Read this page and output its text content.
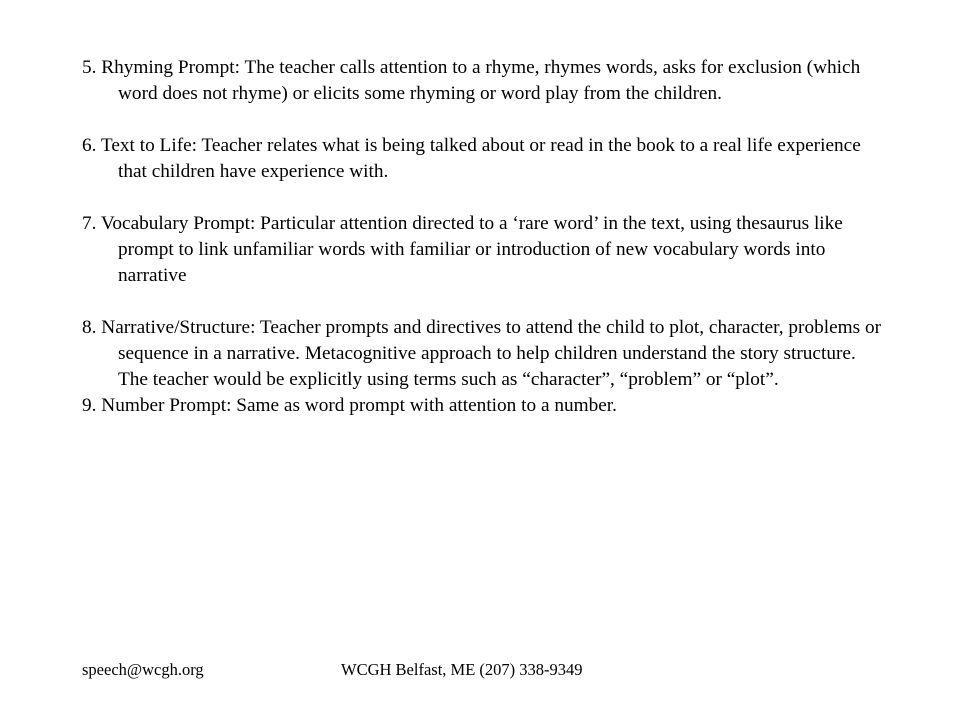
5. Rhyming Prompt: The teacher calls attention to a rhyme, rhymes words, asks for exclusion (which word does not rhyme) or elicits some rhyming or word play from the children.

6. Text to Life: Teacher relates what is being talked about or read in the book to a real life experience that children have experience with.

7. Vocabulary Prompt: Particular attention directed to a ‘rare word’ in the text, using thesaurus like prompt to link unfamiliar words with familiar or introduction of new vocabulary words into narrative

8. Narrative/Structure: Teacher prompts and directives to attend the child to plot, character, problems or sequence in a narrative. Metacognitive approach to help children understand the story structure. The teacher would be explicitly using terms such as “character”, “problem” or “plot”.

9. Number Prompt: Same as word prompt with attention to a number.

speech@wcgh.org	WCGH Belfast, ME (207) 338-9349
